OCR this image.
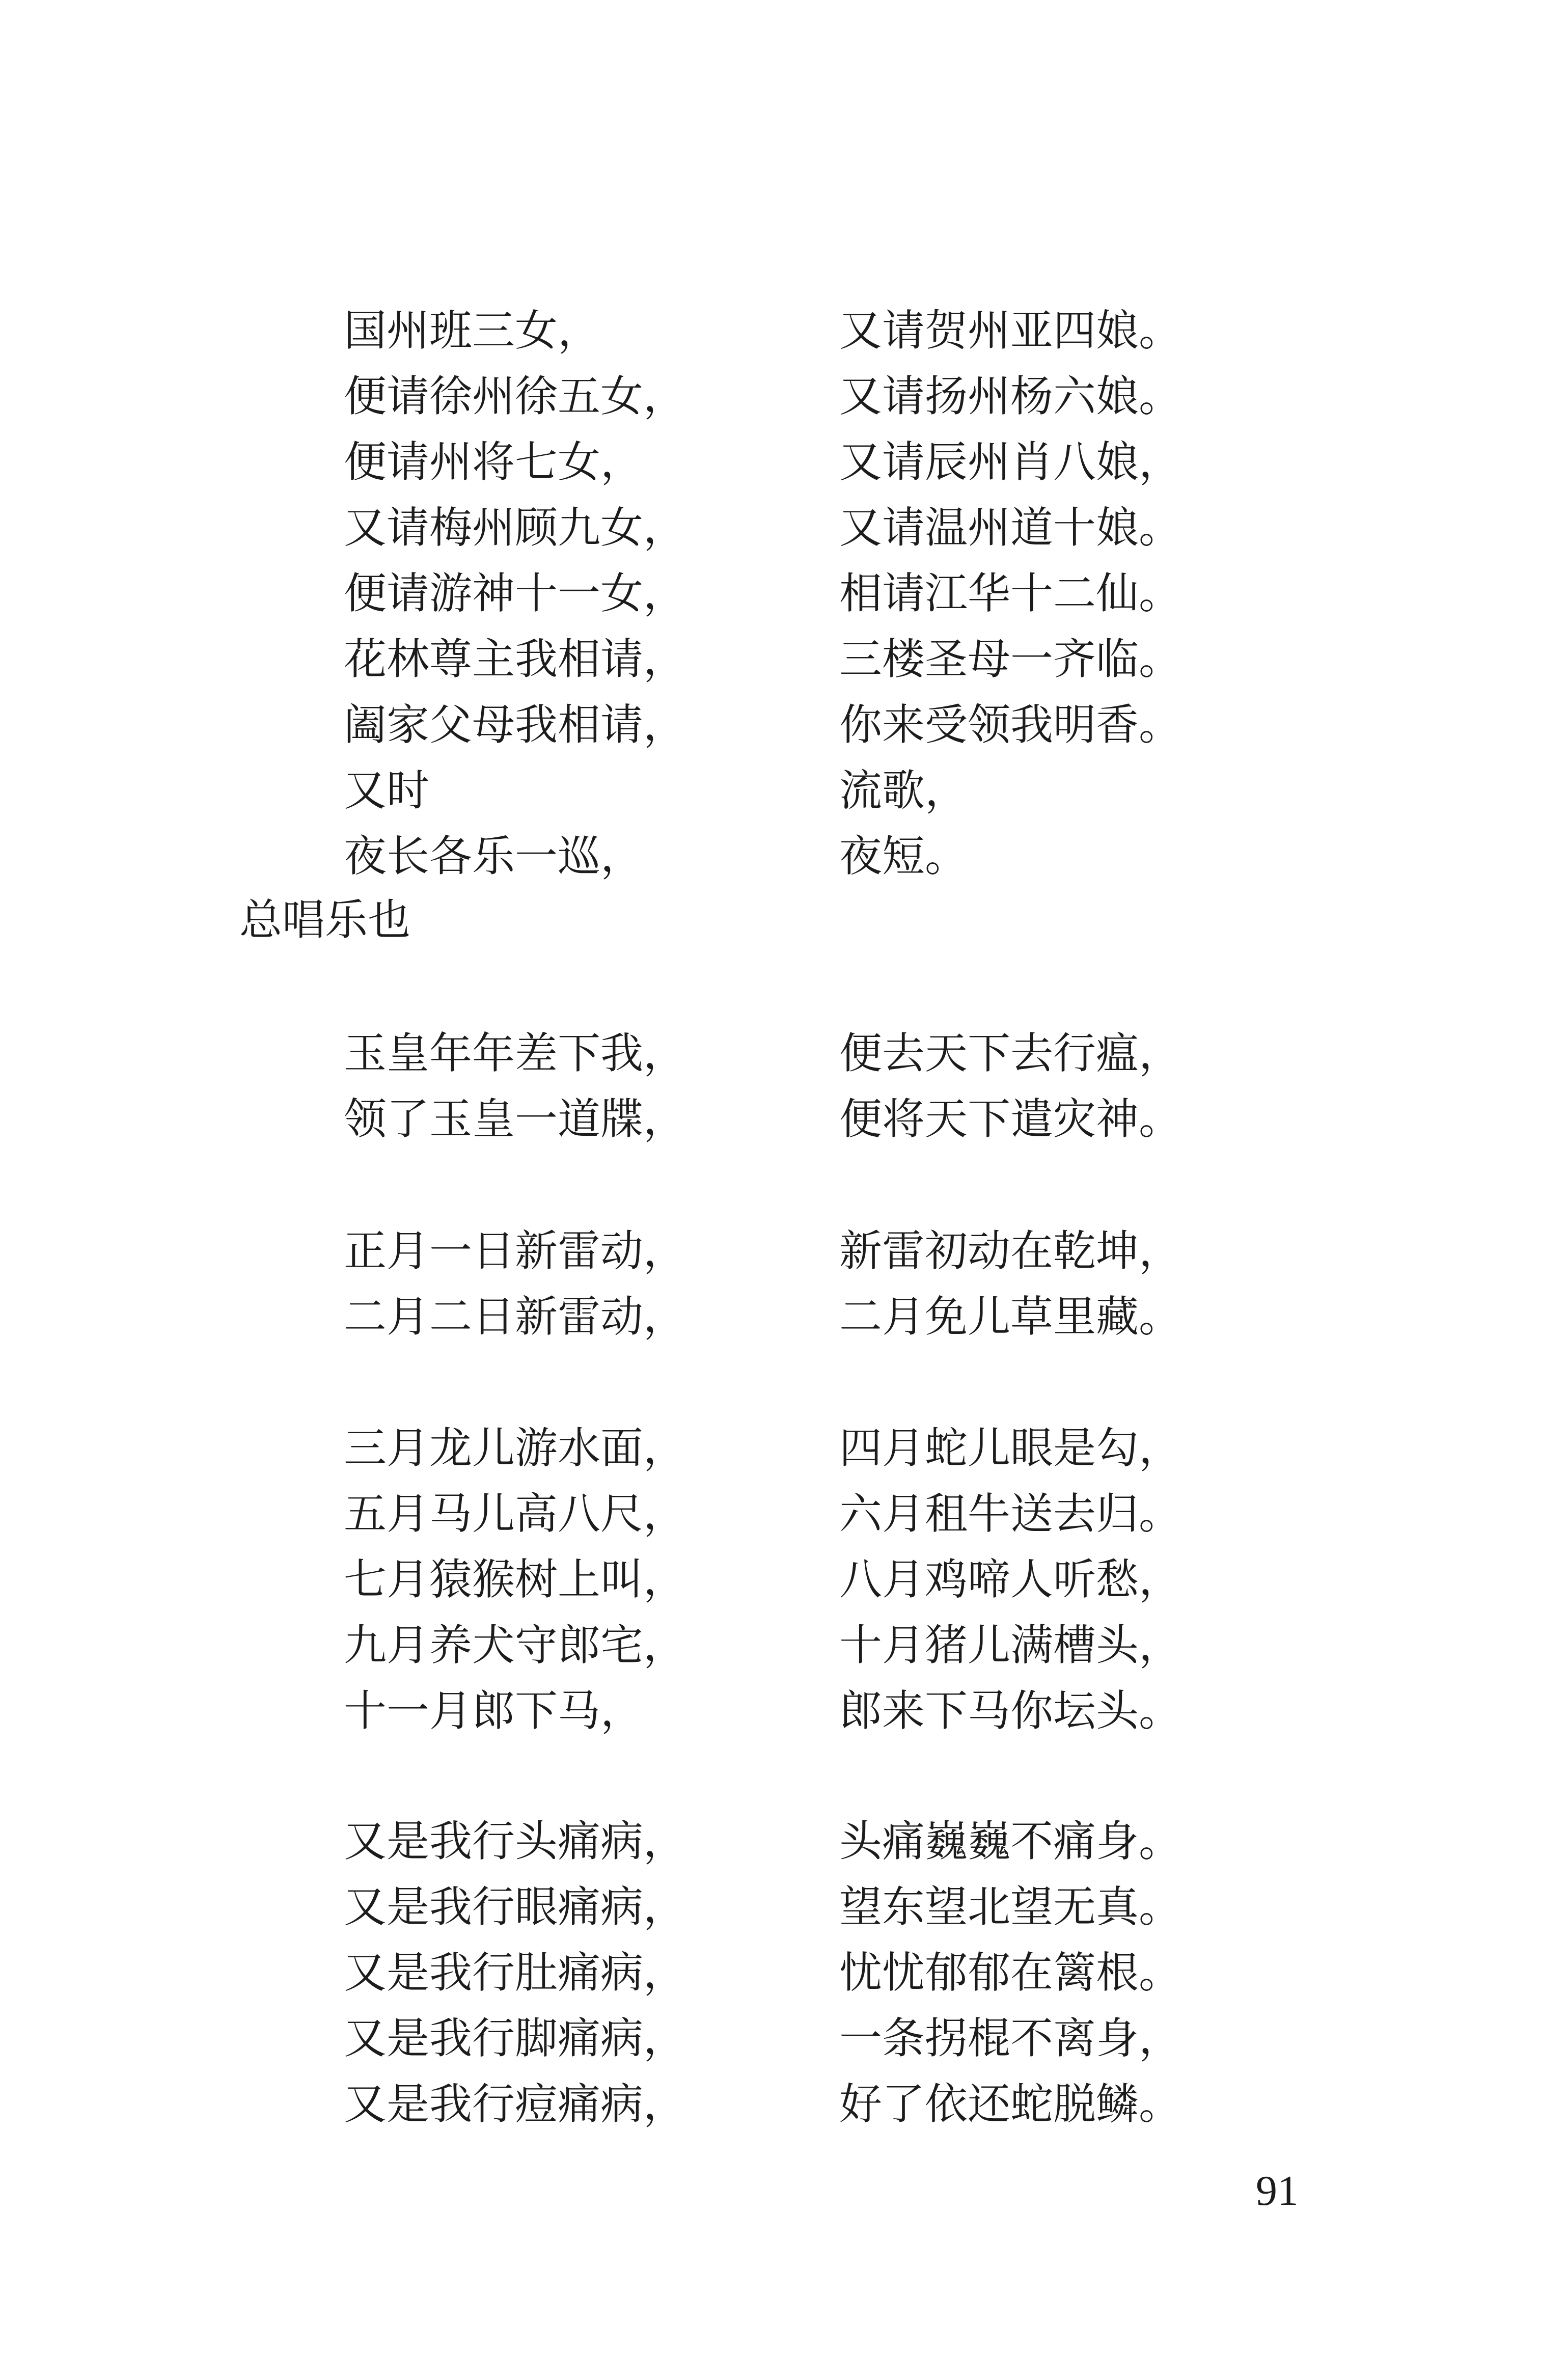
国州班三女，	又请贺州亚四娘。
便请徐州徐五女，	又请扬州杨六娘。
便请州将七女，	又请辰州肖八娘，
又请梅州顾九女，	又请温州道十娘。
便请游神十一女，	相请江华十二仙。
花林尊主我相请，	三楼圣母一齐临。
阖家父母我相请，	你来受领我明香。
又时	流歌，
夜长各乐一巡，	夜短。
总唱乐也
玉皇年年差下我，	便去天下去行瘟，
领了玉皇一道牒，	便将天下遣灾神。
正月一日新雷动，	新雷初动在乾坤，
二月二日新雷动，	二月免儿草里藏。
三月龙儿游水面，	四月蛇儿眼是勾，
五月马儿高八尺，	六月租牛送去归。
七月猿猴树上叫，	八月鸡啼人听愁，
九月养犬守郎宅，	十月猪儿满槽头，
十一月郎下马，	郎来下马你坛头。
又是我行头痛病，	头痛巍巍不痛身。
又是我行眼痛病，	望东望北望无真。
又是我行肚痛病，	忧忧郁郁在篱根。
又是我行脚痛病，	一条拐棍不离身，
又是我行痘痛病，	好了依还蛇脱鳞。
91
